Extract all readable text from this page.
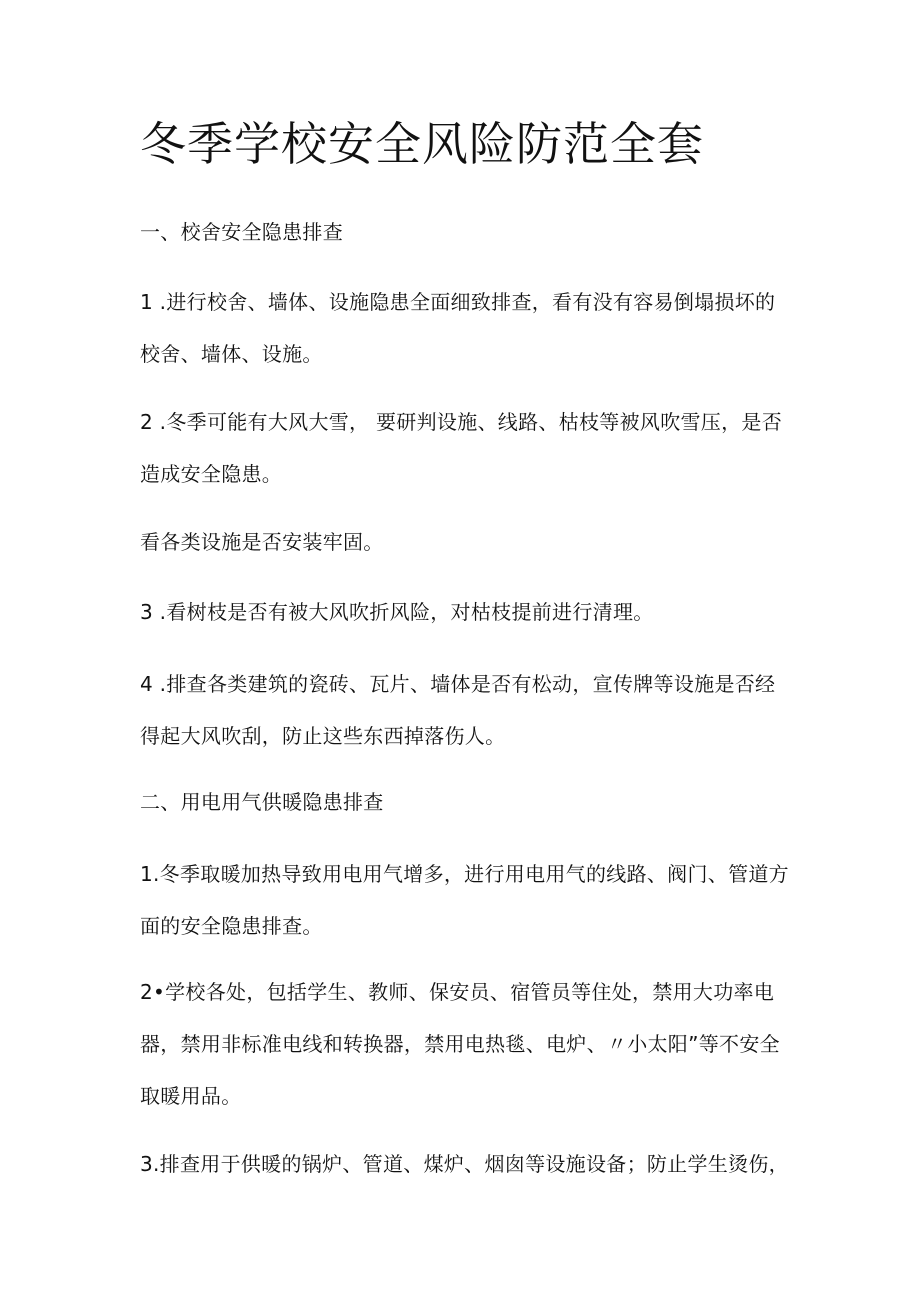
冬季学校安全风险防范全套

一、校舍安全隐患排查

1 .进行校舍、墙体、设施隐患全面细致排查，看有没有容易倒塌损坏的校舍、墙体、设施。

2 .冬季可能有大风大雪， 要研判设施、线路、枯枝等被风吹雪压，是否造成安全隐患。

看各类设施是否安装牢固。

3 .看树枝是否有被大风吹折风险，对枯枝提前进行清理。

4 .排查各类建筑的瓷砖、瓦片、墙体是否有松动，宣传牌等设施是否经得起大风吹刮，防止这些东西掉落伤人。

二、用电用气供暖隐患排查

1.冬季取暖加热导致用电用气增多，进行用电用气的线路、阀门、管道方面的安全隐患排查。

2•学校各处，包括学生、教师、保安员、宿管员等住处，禁用大功率电器，禁用非标准电线和转换器，禁用电热毯、电炉、〃小太阳”等不安全取暖用品。

3.排查用于供暖的锅炉、管道、煤炉、烟囱等设施设备；防止学生烫伤，
